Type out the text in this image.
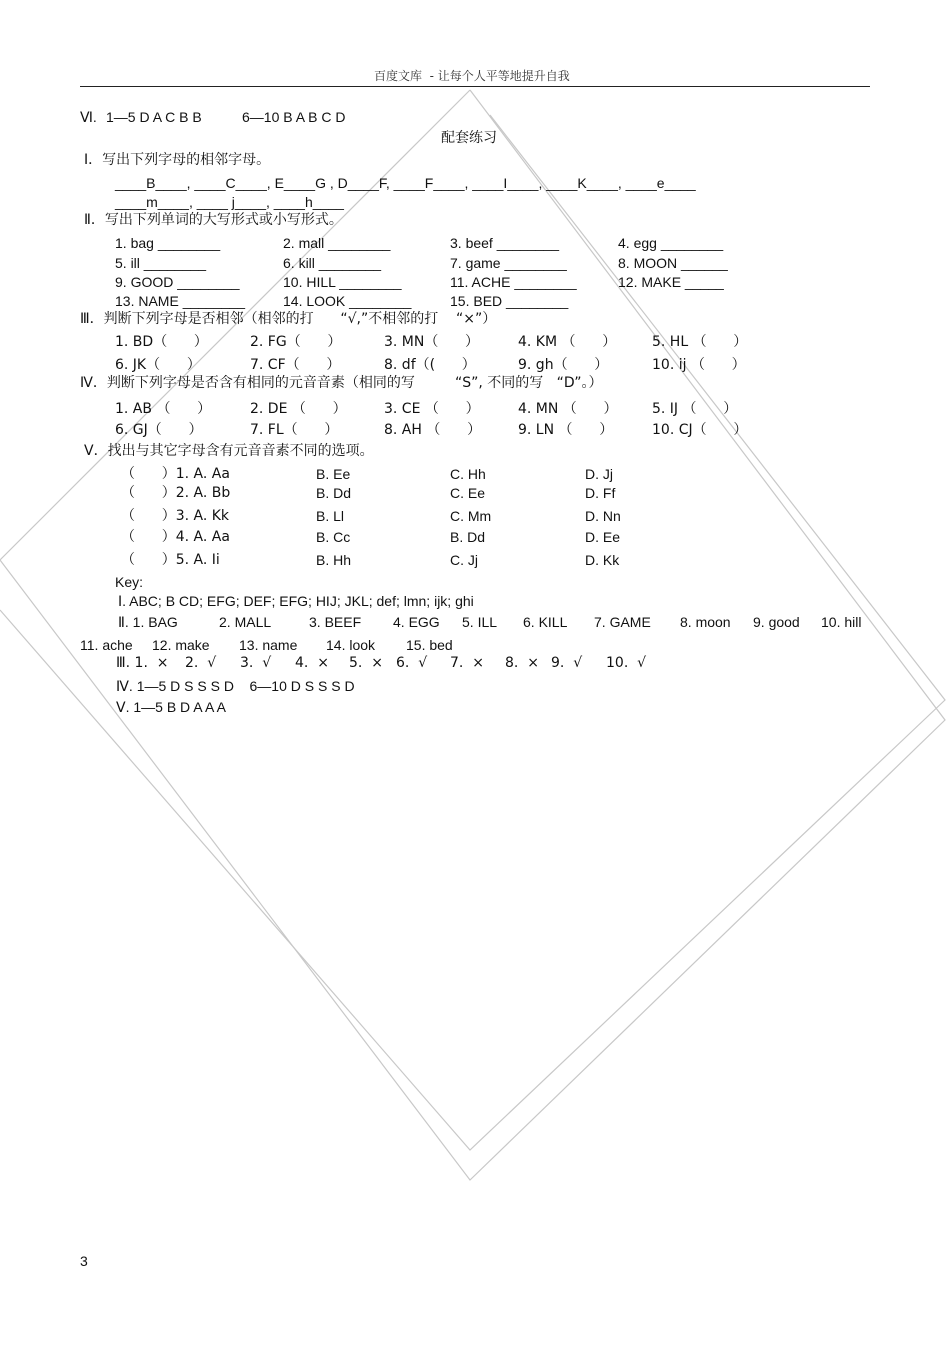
百度文库  - 让每个人平等地提升自我
Ⅵ. 1—5 D A C B B	6—10 B A B C D
配套练习
Ⅰ．写出下列字母的相邻字母。
____B____, ____C____, E____G , D____F, ____F____, ____I____, ____K____, ____e____
____m____, ____ j____, ____h____
Ⅱ．写出下列单词的大写形式或小写形式。
1. bag ________	2. mall ________	3. beef ________	4. egg ________
5. ill ________	6. kill ________	7. game ________	8. MOON ______
9. GOOD ________	10. HILL ________	11. ACHE ________	12. MAKE _____
13. NAME ________	14. LOOK ________	15. BED ________
Ⅲ．判断下列字母是否相邻（相邻的打      “√,”不相邻的打    “×”）
1. BD（      ）	2. FG（      ）	3. MN（      ）	4. KM （      ）	5. HL （      ）
6. JK（      ）	7. CF（      ）	8. df（(      ）	9. gh（      ）	10. ij （      ）
Ⅳ．判断下列字母是否含有相同的元音音素（相同的写         “S”, 不同的写   “D”。）
1. AB （      ）	2. DE （      ）	3. CE （      ）	4. MN （      ） 5. IJ （      ）
6. GJ（      ）	7. FL（      ）	8. AH （      ）	9. LN （      ）	10. CJ（      ）
Ⅴ．找出与其它字母含有元音音素不同的选项。
（      ）1. A. Aa	B. Ee	C. Hh	D. Jj
（      ）2. A. Bb	B. Dd	C. Ee	D. Ff
（      ）3. A. Kk	B. Ll	C. Mm	D. Nn
（      ）4. A. Aa	B. Cc	B. Dd	D. Ee
（      ）5. A. Ii	B. Hh	C. Jj	D. Kk
Key:
Ⅰ. ABC; B CD; EFG; DEF; EFG; HIJ; JKL; def; lmn; ijk; ghi
Ⅱ. 1. BAG	2. MALL	3. BEEF 4. EGG 5. ILL 6. KILL 7. GAME 8. moon 9. good 10. hill
11. ache 12. make 13. name 14. look 15. bed
Ⅲ. 1.  × 2.  √ 3.  √ 4.  × 5.  × 6.  √ 7.  × 8.  × 9.  √ 10.  √
Ⅳ. 1—5 D S S S D    6—10 D S S S D
Ⅴ. 1—5 B D A A A
3
